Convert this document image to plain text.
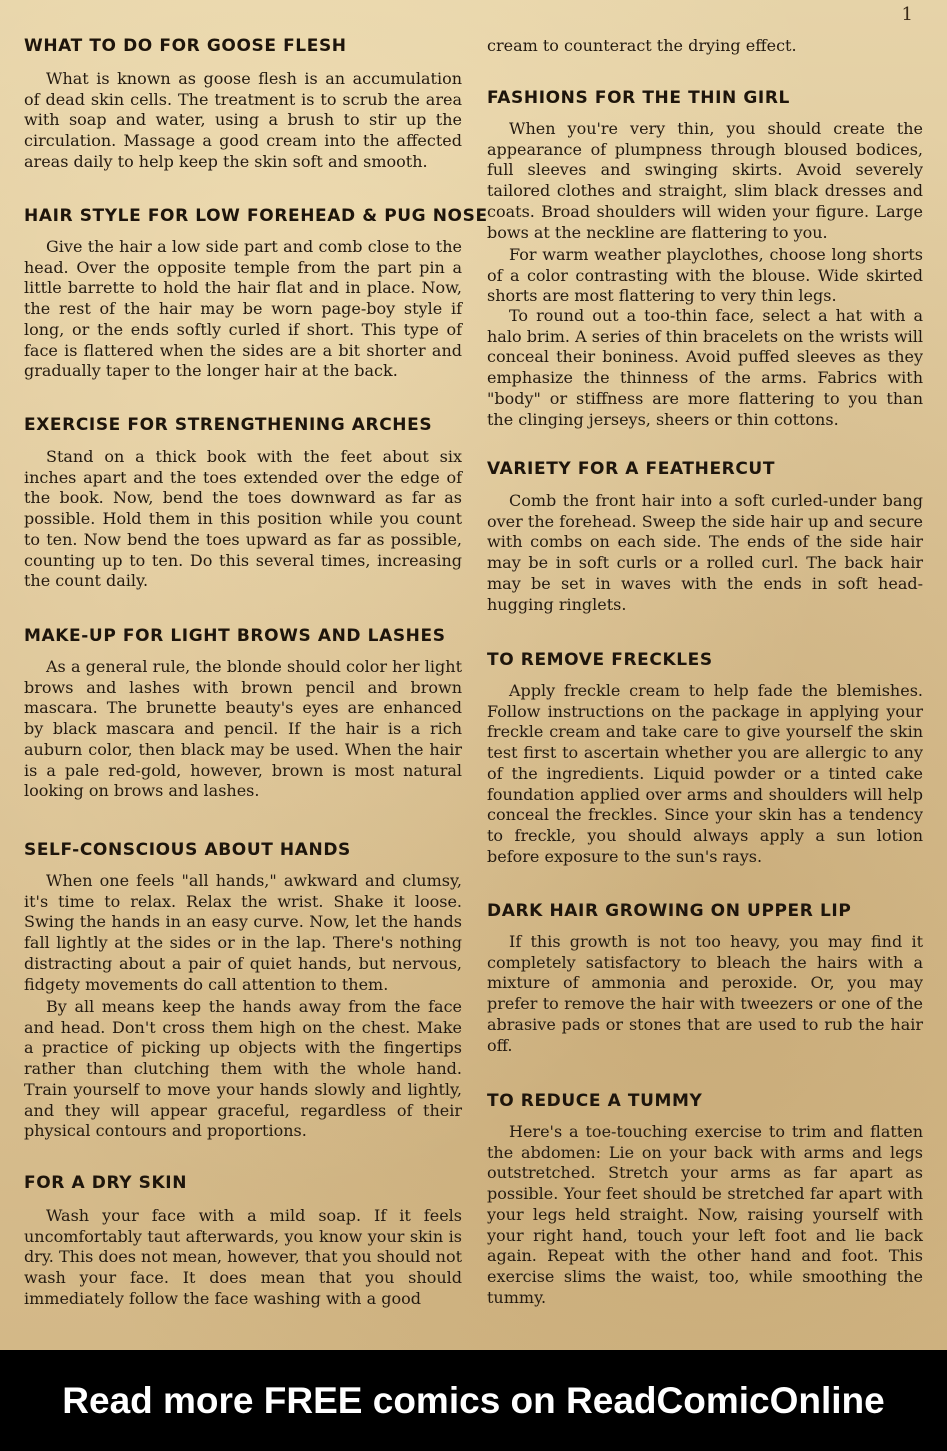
1
WHAT TO DO FOR GOOSE FLESH

What is known as goose flesh is an accumulation of dead skin cells. The treatment is to scrub the area with soap and water, using a brush to stir up the circulation. Massage a good cream into the affected areas daily to help keep the skin soft and smooth.

HAIR STYLE FOR LOW FOREHEAD & PUG NOSE

Give the hair a low side part and comb close to the head. Over the opposite temple from the part pin a little barrette to hold the hair flat and in place. Now, the rest of the hair may be worn page-boy style if long, or the ends softly curled if short. This type of face is flattered when the sides are a bit shorter and gradually taper to the longer hair at the back.

EXERCISE FOR STRENGTHENING ARCHES

Stand on a thick book with the feet about six inches apart and the toes extended over the edge of the book. Now, bend the toes downward as far as possible. Hold them in this position while you count to ten. Now bend the toes upward as far as possible, counting up to ten. Do this several times, increasing the count daily.

MAKE-UP FOR LIGHT BROWS AND LASHES

As a general rule, the blonde should color her light brows and lashes with brown pencil and brown mascara. The brunette beauty's eyes are enhanced by black mascara and pencil. If the hair is a rich auburn color, then black may be used. When the hair is a pale red-gold, however, brown is most natural looking on brows and lashes.

SELF-CONSCIOUS ABOUT HANDS

When one feels "all hands," awkward and clumsy, it's time to relax. Relax the wrist. Shake it loose. Swing the hands in an easy curve. Now, let the hands fall lightly at the sides or in the lap. There's nothing distracting about a pair of quiet hands, but nervous, fidgety movements do call attention to them.

By all means keep the hands away from the face and head. Don't cross them high on the chest. Make a practice of picking up objects with the fingertips rather than clutching them with the whole hand. Train yourself to move your hands slowly and lightly, and they will appear graceful, regardless of their physical contours and proportions.

FOR A DRY SKIN

Wash your face with a mild soap. If it feels uncomfortably taut afterwards, you know your skin is dry. This does not mean, however, that you should not wash your face. It does mean that you should immediately follow the face washing with a good

cream to counteract the drying effect.

FASHIONS FOR THE THIN GIRL

When you're very thin, you should create the appearance of plumpness through bloused bodices, full sleeves and swinging skirts. Avoid severely tailored clothes and straight, slim black dresses and coats. Broad shoulders will widen your figure. Large bows at the neckline are flattering to you.

For warm weather playclothes, choose long shorts of a color contrasting with the blouse. Wide skirted shorts are most flattering to very thin legs.

To round out a too-thin face, select a hat with a halo brim. A series of thin bracelets on the wrists will conceal their boniness. Avoid puffed sleeves as they emphasize the thinness of the arms. Fabrics with "body" or stiffness are more flattering to you than the clinging jerseys, sheers or thin cottons.

VARIETY FOR A FEATHERCUT

Comb the front hair into a soft curled-under bang over the forehead. Sweep the side hair up and secure with combs on each side. The ends of the side hair may be in soft curls or a rolled curl. The back hair may be set in waves with the ends in soft head-hugging ringlets.

TO REMOVE FRECKLES

Apply freckle cream to help fade the blemishes. Follow instructions on the package in applying your freckle cream and take care to give yourself the skin test first to ascertain whether you are allergic to any of the ingredients. Liquid powder or a tinted cake foundation applied over arms and shoulders will help conceal the freckles. Since your skin has a tendency to freckle, you should always apply a sun lotion before exposure to the sun's rays.

DARK HAIR GROWING ON UPPER LIP

If this growth is not too heavy, you may find it completely satisfactory to bleach the hairs with a mixture of ammonia and peroxide. Or, you may prefer to remove the hair with tweezers or one of the abrasive pads or stones that are used to rub the hair off.

TO REDUCE A TUMMY

Here's a toe-touching exercise to trim and flatten the abdomen: Lie on your back with arms and legs outstretched. Stretch your arms as far apart as possible. Your feet should be stretched far apart with your legs held straight. Now, raising yourself with your right hand, touch your left foot and lie back again. Repeat with the other hand and foot. This exercise slims the waist, too, while smoothing the tummy.

Read more FREE comics on ReadComicOnline
